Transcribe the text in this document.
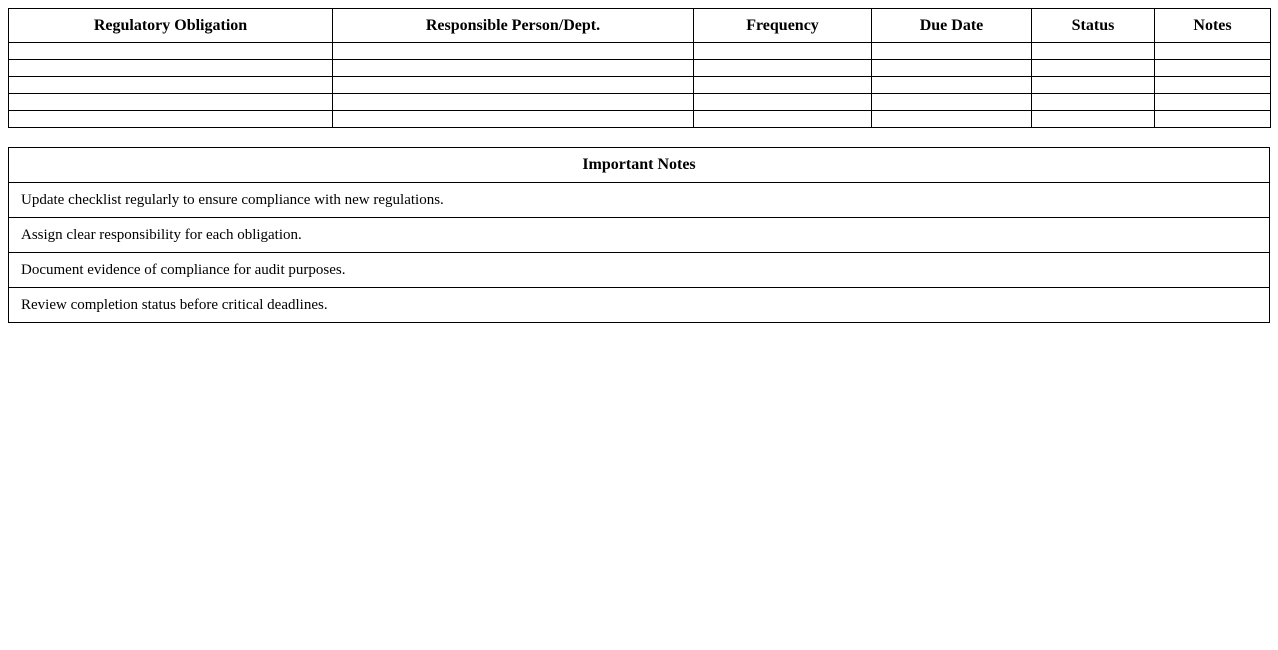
Regulatory Obligation	Responsible Person/Dept.	Frequency	Due Date	Status	Notes

Important Notes
Update checklist regularly to ensure compliance with new regulations.
Assign clear responsibility for each obligation.
Document evidence of compliance for audit purposes.
Review completion status before critical deadlines.
